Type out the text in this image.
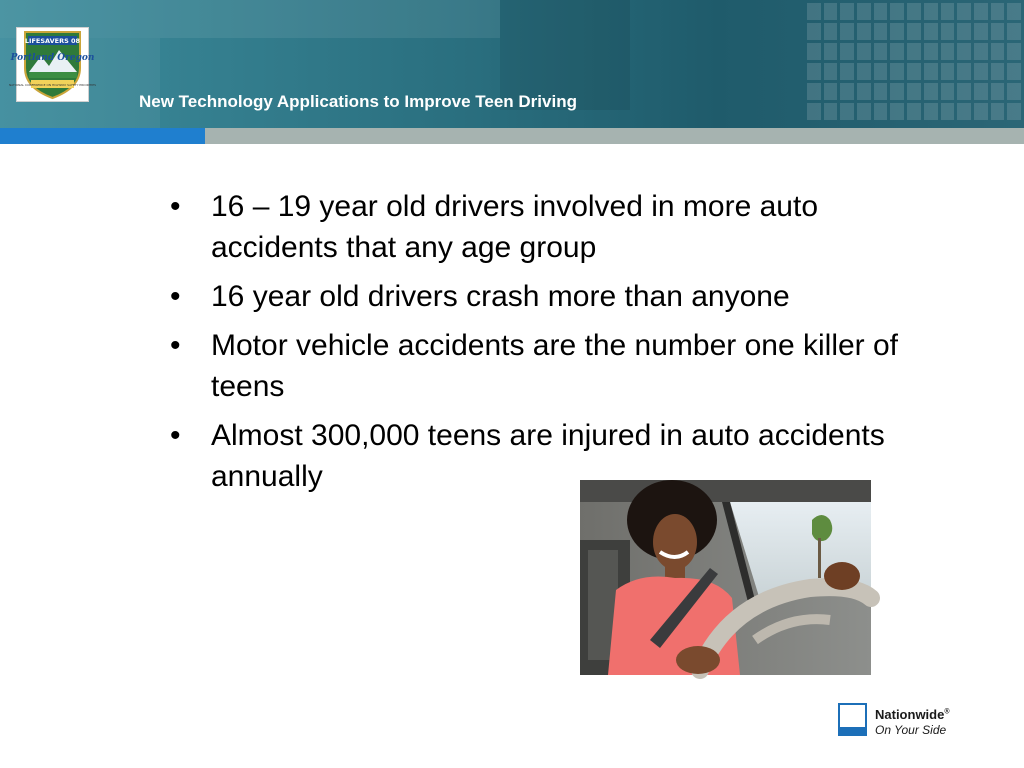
LIFESAVERS 08
Portland Oregon
NATIONAL CONFERENCE ON HIGHWAY SAFETY PRIORITIES
New Technology Applications to Improve Teen Driving
• 16 – 19 year old drivers involved in more auto accidents that any age group
• 16 year old drivers crash more than anyone
• Motor vehicle accidents are the number one killer of teens
• Almost 300,000 teens are injured in auto accidents annually
Nationwide®
On Your Side
